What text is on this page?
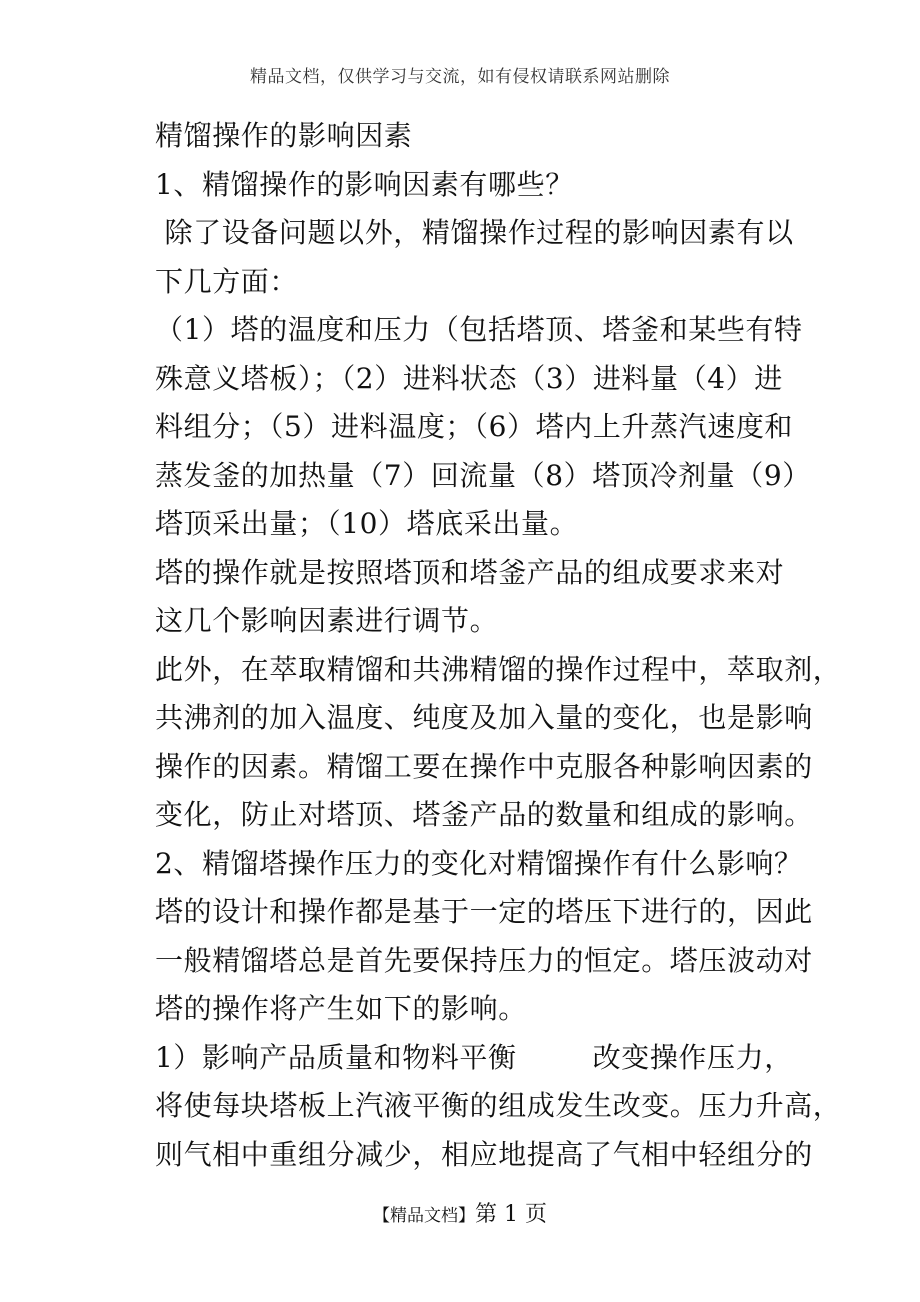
精品文档，仅供学习与交流，如有侵权请联系网站删除
精馏操作的影响因素
1、精馏操作的影响因素有哪些？
除了设备问题以外，精馏操作过程的影响因素有以
下几方面：
（1）塔的温度和压力（包括塔顶、塔釜和某些有特
殊意义塔板）；（2）进料状态（3）进料量（4）进
料组分；（5）进料温度；（6）塔内上升蒸汽速度和
蒸发釜的加热量（7）回流量（8）塔顶冷剂量（9）
塔顶采出量；（10）塔底采出量。
塔的操作就是按照塔顶和塔釜产品的组成要求来对
这几个影响因素进行调节。
此外，在萃取精馏和共沸精馏的操作过程中，萃取剂，
共沸剂的加入温度、纯度及加入量的变化，也是影响
操作的因素。精馏工要在操作中克服各种影响因素的
变化，防止对塔顶、塔釜产品的数量和组成的影响。
2、精馏塔操作压力的变化对精馏操作有什么影响？
塔的设计和操作都是基于一定的塔压下进行的，因此
一般精馏塔总是首先要保持压力的恒定。塔压波动对
塔的操作将产生如下的影响。
1）影响产品质量和物料平衡        改变操作压力，
将使每块塔板上汽液平衡的组成发生改变。压力升高，
则气相中重组分减少，相应地提高了气相中轻组分的
【精品文档】第 1 页
